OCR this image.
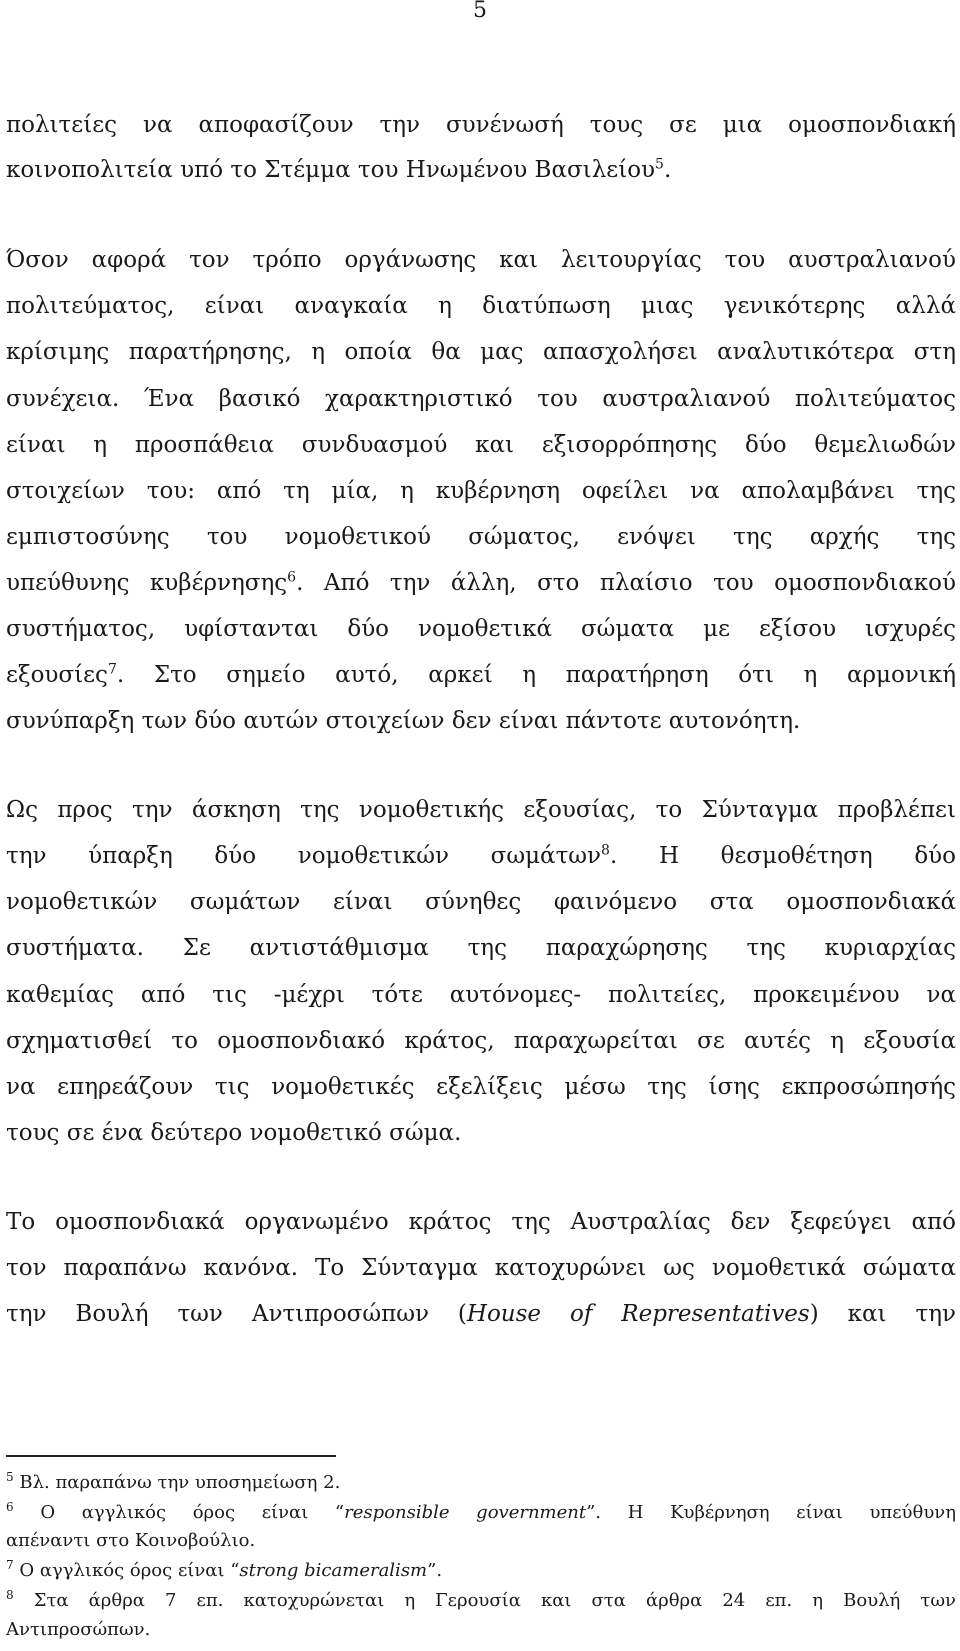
5
πολιτείες να αποφασίζουν την συνένωσή τους σε μια ομοσπονδιακή
κοινοπολιτεία υπό το Στέμμα του Ηνωμένου Βασιλείου$^5$.
Όσον αφορά τον τρόπο οργάνωσης και λειτουργίας του αυστραλιανού
πολιτεύματος, είναι αναγκαία η διατύπωση μιας γενικότερης αλλά
κρίσιμης παρατήρησης, η οποία θα μας απασχολήσει αναλυτικότερα στη
συνέχεια. Ένα βασικό χαρακτηριστικό του αυστραλιανού πολιτεύματος
είναι η προσπάθεια συνδυασμού και εξισορρόπησης δύο θεμελιωδών
στοιχείων του: από τη μία, η κυβέρνηση οφείλει να απολαμβάνει της
εμπιστοσύνης του νομοθετικού σώματος, ενόψει της αρχής της
υπεύθυνης κυβέρνησης$^6$. Από την άλλη, στο πλαίσιο του ομοσπονδιακού
συστήματος, υφίστανται δύο νομοθετικά σώματα με εξίσου ισχυρές
εξουσίες$^7$. Στο σημείο αυτό, αρκεί η παρατήρηση ότι η αρμονική
συνύπαρξη των δύο αυτών στοιχείων δεν είναι πάντοτε αυτονόητη.
Ως προς την άσκηση της νομοθετικής εξουσίας, το Σύνταγμα προβλέπει
την ύπαρξη δύο νομοθετικών σωμάτων$^8$. Η θεσμοθέτηση δύο
νομοθετικών σωμάτων είναι σύνηθες φαινόμενο στα ομοσπονδιακά
συστήματα. Σε αντιστάθμισμα της παραχώρησης της κυριαρχίας
καθεμίας από τις -μέχρι τότε αυτόνομες- πολιτείες, προκειμένου να
σχηματισθεί το ομοσπονδιακό κράτος, παραχωρείται σε αυτές η εξουσία
να επηρεάζουν τις νομοθετικές εξελίξεις μέσω της ίσης εκπροσώπησής
τους σε ένα δεύτερο νομοθετικό σώμα.
Το ομοσπονδιακά οργανωμένο κράτος της Αυστραλίας δεν ξεφεύγει από
τον παραπάνω κανόνα. Το Σύνταγμα κατοχυρώνει ως νομοθετικά σώματα
την Βουλή των Αντιπροσώπων (House of Representatives) και την
$^5$ Βλ. παραπάνω την υποσημείωση 2.
$^6$ Ο αγγλικός όρος είναι “responsible government”. Η Κυβέρνηση είναι υπεύθυνη
απέναντι στο Κοινοβούλιο.
$^7$ Ο αγγλικός όρος είναι “strong bicameralism”.
$^8$ Στα άρθρα 7 επ. κατοχυρώνεται η Γερουσία και στα άρθρα 24 επ. η Βουλή των
Αντιπροσώπων.
